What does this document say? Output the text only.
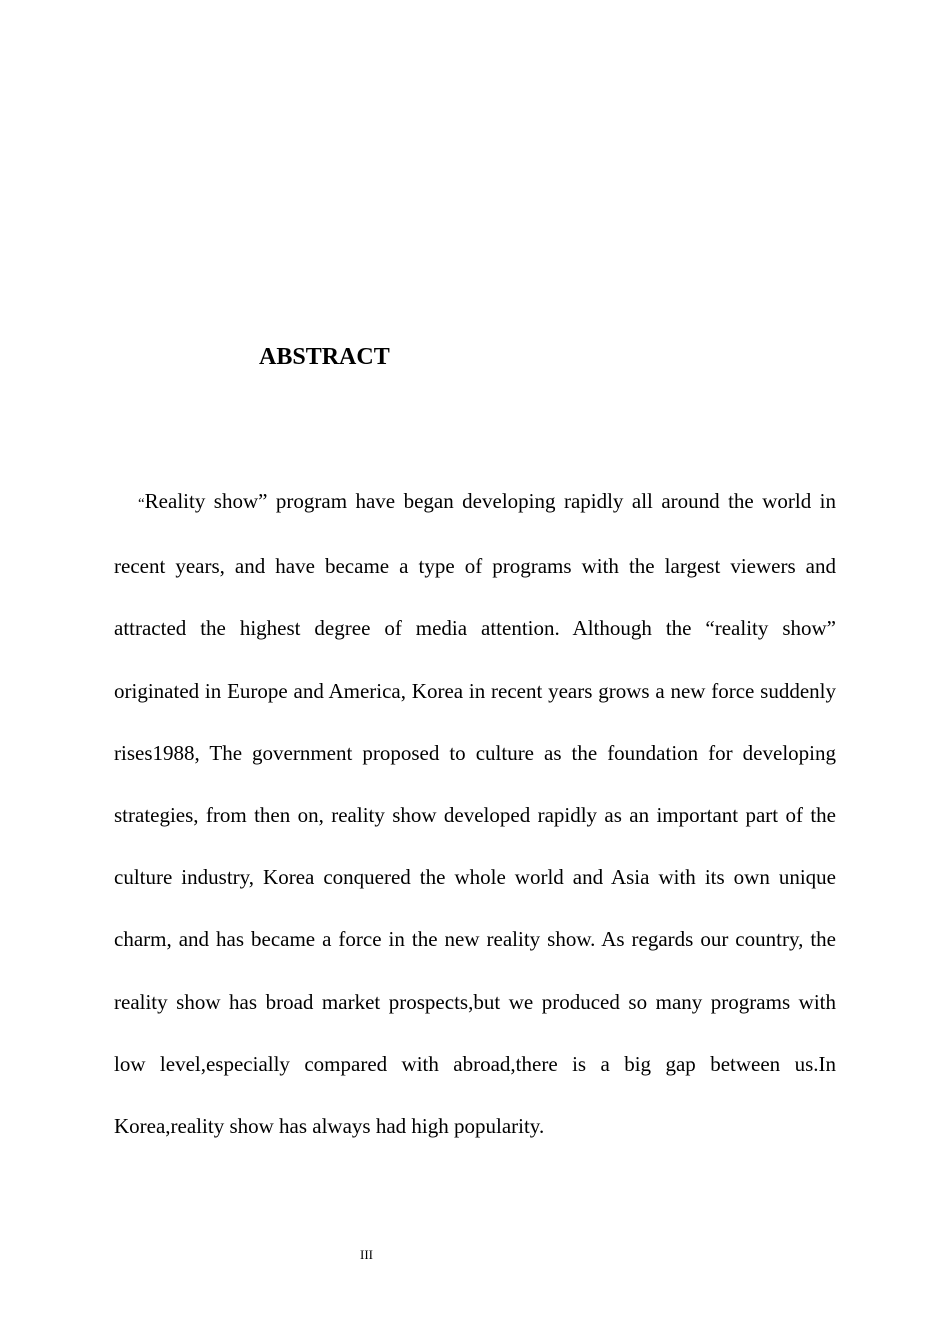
ABSTRACT

“Reality show” program have began developing rapidly all around the world in recent years, and have became a type of programs with the largest viewers and attracted the highest degree of media attention. Although the “reality show” originated in Europe and America, Korea in recent years grows a new force suddenly rises1988, The government proposed to culture as the foundation for developing strategies, from then on, reality show developed rapidly as an important part of the culture industry, Korea conquered the whole world and Asia with its own unique charm, and has became a force in the new reality show. As regards our country, the reality show has broad market prospects,but we produced so many programs with low level,especially compared with abroad,there is a big gap between us.In Korea,reality show has always had high popularity.

III
